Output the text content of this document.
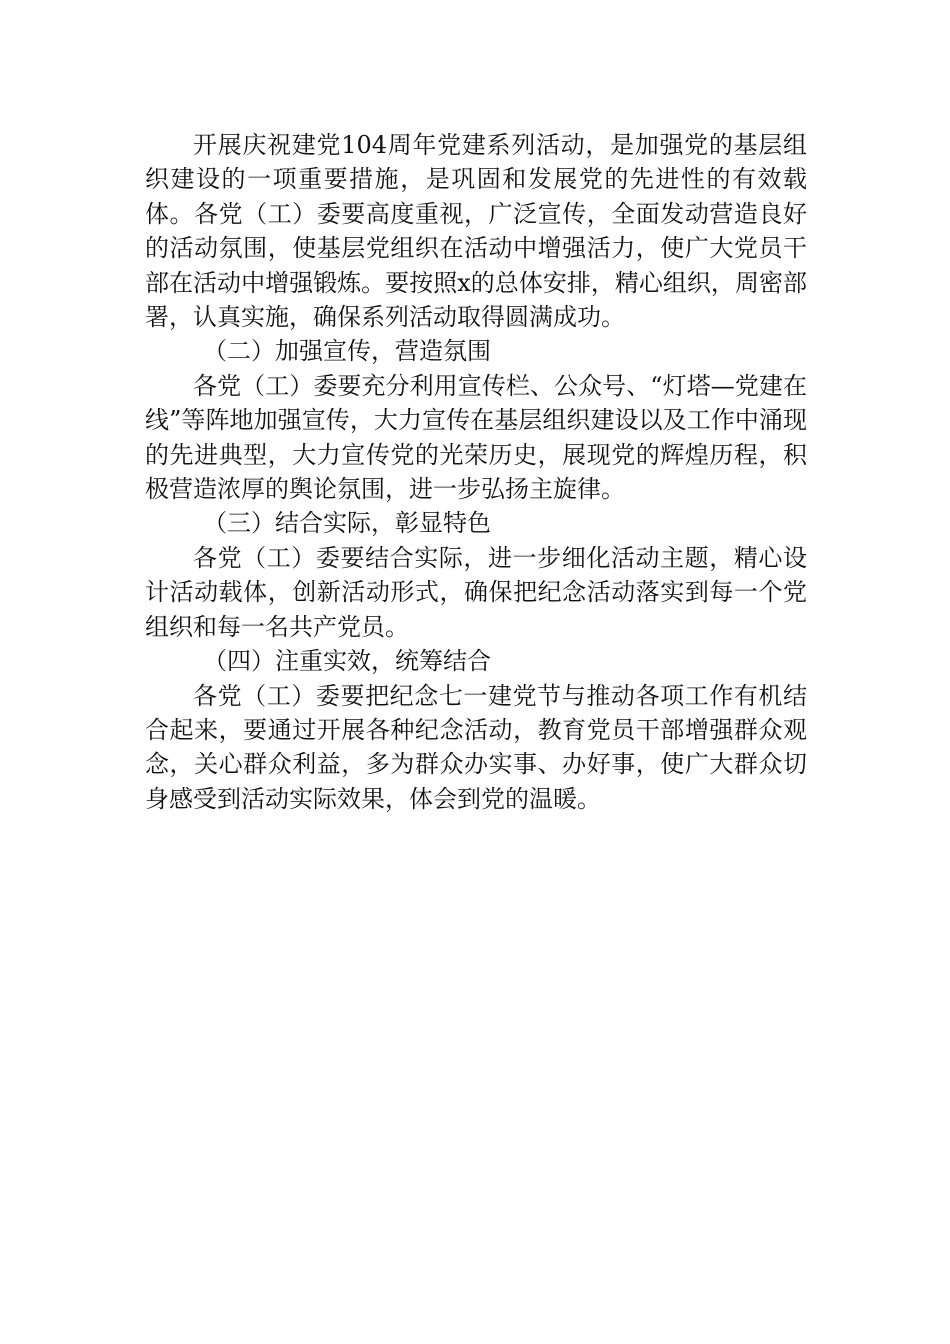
开展庆祝建党104周年党建系列活动，是加强党的基层组织建设的一项重要措施，是巩固和发展党的先进性的有效载体。各党（工）委要高度重视，广泛宣传，全面发动营造良好的活动氛围，使基层党组织在活动中增强活力，使广大党员干部在活动中增强锻炼。要按照x的总体安排，精心组织，周密部署，认真实施，确保系列活动取得圆满成功。

（二）加强宣传，营造氛围

各党（工）委要充分利用宣传栏、公众号、“灯塔—党建在线”等阵地加强宣传，大力宣传在基层组织建设以及工作中涌现的先进典型，大力宣传党的光荣历史，展现党的辉煌历程，积极营造浓厚的舆论氛围，进一步弘扬主旋律。

（三）结合实际，彰显特色

各党（工）委要结合实际，进一步细化活动主题，精心设计活动载体，创新活动形式，确保把纪念活动落实到每一个党组织和每一名共产党员。

（四）注重实效，统筹结合

各党（工）委要把纪念七一建党节与推动各项工作有机结合起来，要通过开展各种纪念活动，教育党员干部增强群众观念，关心群众利益，多为群众办实事、办好事，使广大群众切身感受到活动实际效果，体会到党的温暖。
